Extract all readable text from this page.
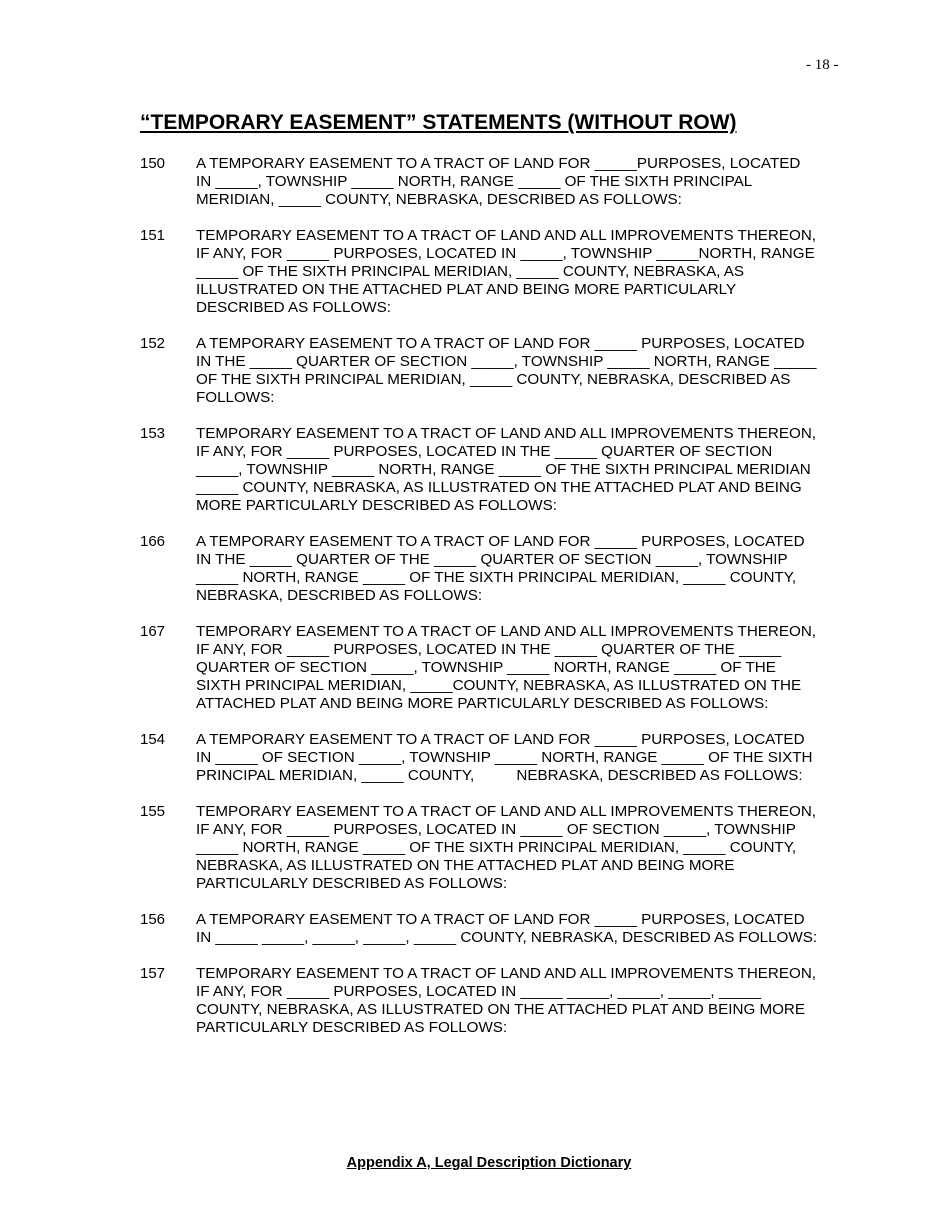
- 18 -
“TEMPORARY EASEMENT” STATEMENTS (WITHOUT ROW)
150	A TEMPORARY EASEMENT TO A TRACT OF LAND FOR _____PURPOSES, LOCATED
IN _____, TOWNSHIP _____ NORTH, RANGE _____ OF THE SIXTH PRINCIPAL
MERIDIAN, _____ COUNTY, NEBRASKA, DESCRIBED AS FOLLOWS:
151	TEMPORARY EASEMENT TO A TRACT OF LAND AND ALL IMPROVEMENTS THEREON,
IF ANY, FOR _____ PURPOSES, LOCATED IN _____, TOWNSHIP _____NORTH, RANGE
_____ OF THE SIXTH PRINCIPAL MERIDIAN, _____ COUNTY, NEBRASKA, AS
ILLUSTRATED ON THE ATTACHED PLAT AND BEING MORE PARTICULARLY
DESCRIBED AS FOLLOWS:
152	A TEMPORARY EASEMENT TO A TRACT OF LAND FOR _____ PURPOSES, LOCATED
IN THE _____ QUARTER OF SECTION _____, TOWNSHIP _____ NORTH, RANGE _____
OF THE SIXTH PRINCIPAL MERIDIAN, _____ COUNTY, NEBRASKA, DESCRIBED AS
FOLLOWS:
153	TEMPORARY EASEMENT TO A TRACT OF LAND AND ALL IMPROVEMENTS THEREON,
IF ANY, FOR _____ PURPOSES, LOCATED IN THE _____ QUARTER OF SECTION
_____, TOWNSHIP _____ NORTH, RANGE _____ OF THE SIXTH PRINCIPAL MERIDIAN
_____ COUNTY, NEBRASKA, AS ILLUSTRATED ON THE ATTACHED PLAT AND BEING
MORE PARTICULARLY DESCRIBED AS FOLLOWS:
166	A TEMPORARY EASEMENT TO A TRACT OF LAND FOR _____ PURPOSES, LOCATED
IN THE _____ QUARTER OF THE _____ QUARTER OF SECTION _____, TOWNSHIP
_____ NORTH, RANGE _____ OF THE SIXTH PRINCIPAL MERIDIAN, _____ COUNTY,
NEBRASKA, DESCRIBED AS FOLLOWS:
167	TEMPORARY EASEMENT TO A TRACT OF LAND AND ALL IMPROVEMENTS THEREON,
IF ANY, FOR _____ PURPOSES, LOCATED IN THE _____ QUARTER OF THE _____
QUARTER OF SECTION _____, TOWNSHIP _____ NORTH, RANGE _____ OF THE
SIXTH PRINCIPAL MERIDIAN, _____COUNTY, NEBRASKA, AS ILLUSTRATED ON THE
ATTACHED PLAT AND BEING MORE PARTICULARLY DESCRIBED AS FOLLOWS:
154	A TEMPORARY EASEMENT TO A TRACT OF LAND FOR _____ PURPOSES, LOCATED
IN _____ OF SECTION _____, TOWNSHIP _____ NORTH, RANGE _____ OF THE SIXTH
PRINCIPAL MERIDIAN, _____ COUNTY,          NEBRASKA, DESCRIBED AS FOLLOWS:
155	TEMPORARY EASEMENT TO A TRACT OF LAND AND ALL IMPROVEMENTS THEREON,
IF ANY, FOR _____ PURPOSES, LOCATED IN _____ OF SECTION _____, TOWNSHIP
_____ NORTH, RANGE _____ OF THE SIXTH PRINCIPAL MERIDIAN, _____ COUNTY,
NEBRASKA, AS ILLUSTRATED ON THE ATTACHED PLAT AND BEING MORE
PARTICULARLY DESCRIBED AS FOLLOWS:
156	A TEMPORARY EASEMENT TO A TRACT OF LAND FOR _____ PURPOSES, LOCATED
IN _____ _____, _____, _____, _____ COUNTY, NEBRASKA, DESCRIBED AS FOLLOWS:
157	TEMPORARY EASEMENT TO A TRACT OF LAND AND ALL IMPROVEMENTS THEREON,
IF ANY, FOR _____ PURPOSES, LOCATED IN _____ _____, _____, _____, _____
COUNTY, NEBRASKA, AS ILLUSTRATED ON THE ATTACHED PLAT AND BEING MORE
PARTICULARLY DESCRIBED AS FOLLOWS:
Appendix A, Legal Description Dictionary
